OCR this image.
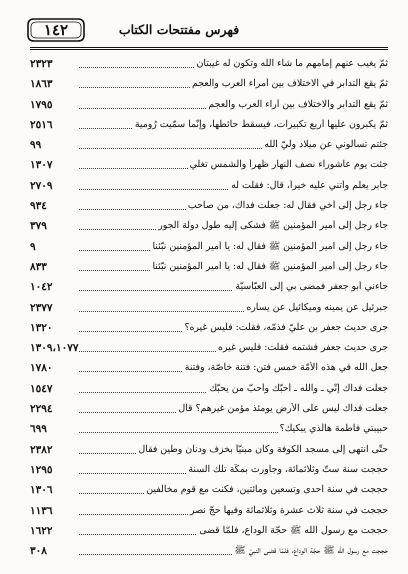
١٤٢	فهرس مفتتحات الكتاب
ثمّ يغيب عنهم إمامهم ما شاء الله وتكون له غيبتان
٢٣٢٣
ثمّ يقع التدابر في الاختلاف بين أمراء العرب والعجم
١٨٦٣
ثمّ يقع التدابر والاختلاف بين آراء العرب والعجم
١٧٩٥
ثمّ يكبرون عليها أربع تكبيرات، فيسقط حائطها، وإنّما سمّيت رُومية
٢٥١٦
جئتم تسألوني عن ميلاد وليّ الله
٩٩
جئت يوم عاشوراء نصف النهار ظهراً والشمس تغلي
١٣٠٧
جابر يعلم وأتني عليه خيراً، قال: فقلت له
٢٧٠٩
جاء رجل إلى أخي فقال له: جعلت فداك، من صاحب
٩٣٤
جاء رجل إلى أمير المؤمنين ﷺ فشكى إليه طول دولة الجور
٣٧٩
جاء رجل إلى امير المؤمنين ﷺ فقال له: يا أمير المؤمنين نبّئنا
٩
جاء رجل إلى أمير المؤمنين ﷺ فقال له: يا أمير المؤمنين نبّئنا
٨٣٣
جاءني أبو جعفر فمضى بي إلى العبّاسيّة
١٠٤٢
جبرئيل عن يمينه وميكائيل عن يساره
٢٣٧٧
جرى حديث جعفر بن عليّ فذمّه، فقلت: فليس غيره؟
١٣٢٠
جرى حديث جعفر فشتمه فقلت: فليس غيره
١٣٠٩،١٠٧٧
جعل الله في هذه الأمّة خمس فتن: فتنة خاصّة، وفتنة
١٧٨٠
جعلت فداك إنّي ـ والله ـ أحبّك وأحبّ من يحبّك
١٥٤٧
جعلت فداك ليس على الأرض يومئذ مؤمن غيرهم؟ قال
٢٢٩٤
حبيبتي فاطمة هالّذي يبكيك؟
٦٩٩
حتّى انتهى إلى مسجد الكوفة وكان مبنيّاً بخزف ودنان وطين فقال
٢٣٨٢
حججت سنة ستّ وثلاثمائة، وجاورت بمكّة تلك السنة
١٢٩٥
حججت في سنة احدى وتسعين ومائتين، فكنت مع قوم مخالفين
١٣٠٦
حججت في سنة ثلاث عشرة وثلاثمائة وفيها حجّ نصر
١١٣٦
حججت مع رسول الله ﷺ حجّة الوداع، فلمّا قضى
١٦٢٢
حججت مع رسول الله ﷺ حجّة الوداع، فلمّا قضى النبيّ ﷺ
٣٠٨
